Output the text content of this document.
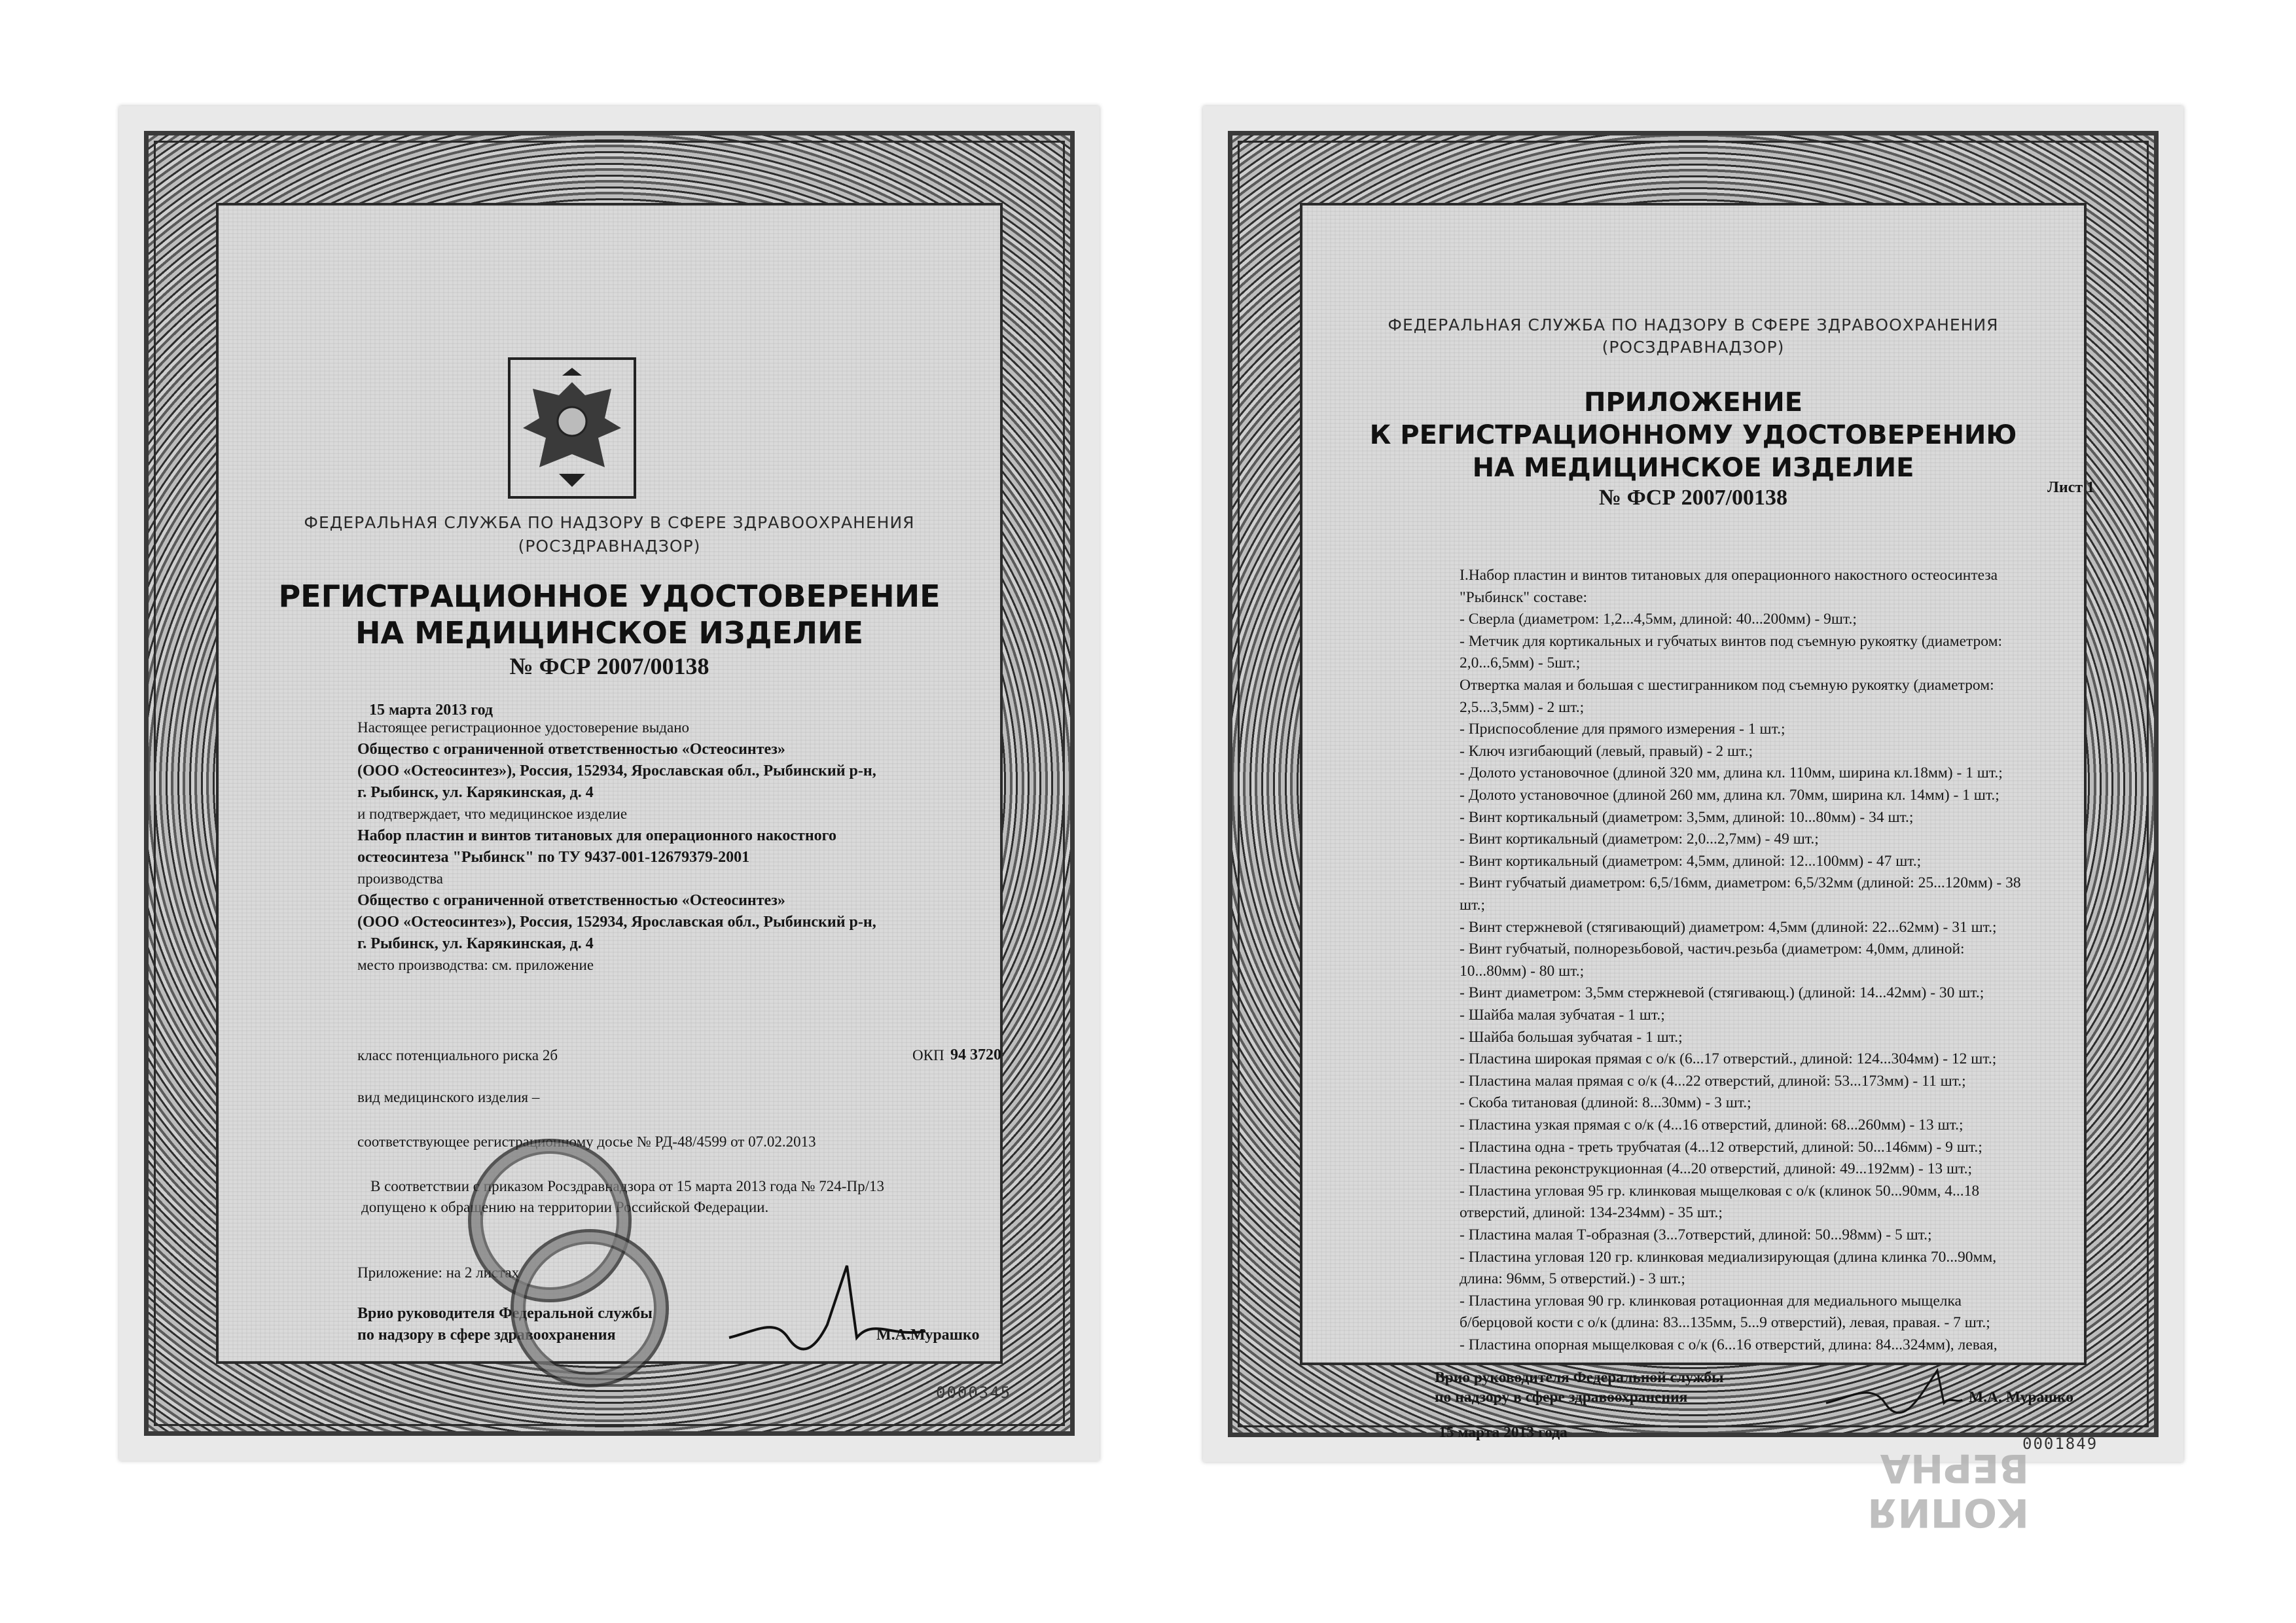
ФЕДЕРАЛЬНАЯ СЛУЖБА ПО НАДЗОРУ В СФЕРЕ ЗДРАВООХРАНЕНИЯ
(РОСЗДРАВНАДЗОР)
РЕГИСТРАЦИОННОЕ УДОСТОВЕРЕНИЕ
НА МЕДИЦИНСКОЕ ИЗДЕЛИЕ
№ ФСР 2007/00138
15 марта 2013 год
Настоящее регистрационное удостоверение выдано
Общество с ограниченной ответственностью «Остеосинтез»
(ООО «Остеосинтез»), Россия, 152934, Ярославская обл., Рыбинский р-н,
г. Рыбинск, ул. Карякинская, д. 4
и подтверждает, что медицинское изделие
Набор пластин и винтов титановых для операционного накостного
остеосинтеза "Рыбинск" по ТУ 9437-001-12679379-2001
производства
Общество с ограниченной ответственностью «Остеосинтез»
(ООО «Остеосинтез»), Россия, 152934, Ярославская обл., Рыбинский р-н,
г. Рыбинск, ул. Карякинская, д. 4
место производства: см. приложение
класс потенциального риска 2б	ОКП 94 3720
вид медицинского изделия –
соответствующее регистрационному досье № РД-48/4599 от 07.02.2013
В соответствии с приказом Росздравнадзора от 15 марта 2013 года № 724-Пр/13
допущено к обращению на территории Российской Федерации.
Приложение: на 2 листах
Врио руководителя Федеральной службы
по надзору в сфере здравоохранения	М.А.Мурашко
0000345
ФЕДЕРАЛЬНАЯ СЛУЖБА ПО НАДЗОРУ В СФЕРЕ ЗДРАВООХРАНЕНИЯ
(РОСЗДРАВНАДЗОР)
ПРИЛОЖЕНИЕ
К РЕГИСТРАЦИОННОМУ УДОСТОВЕРЕНИЮ
НА МЕДИЦИНСКОЕ ИЗДЕЛИЕ
№ ФСР 2007/00138	Лист 1
I.Набор пластин и винтов титановых для операционного накостного остеосинтеза
"Рыбинск" составе:
- Сверла (диаметром: 1,2...4,5мм, длиной: 40...200мм) - 9шт.;
- Метчик для кортикальных и губчатых винтов под съемную рукоятку (диаметром:
2,0...6,5мм) - 5шт.;
Отвертка малая и большая с шестигранником под съемную рукоятку (диаметром:
2,5...3,5мм) - 2 шт.;
- Приспособление для прямого измерения - 1 шт.;
- Ключ изгибающий (левый, правый) - 2 шт.;
- Долото установочное (длиной 320 мм, длина кл. 110мм, ширина кл.18мм) - 1 шт.;
- Долото установочное (длиной 260 мм, длина кл. 70мм, ширина кл. 14мм) - 1 шт.;
- Винт кортикальный (диаметром: 3,5мм, длиной: 10...80мм) - 34 шт.;
- Винт кортикальный (диаметром: 2,0...2,7мм) - 49 шт.;
- Винт кортикальный (диаметром: 4,5мм, длиной: 12...100мм) - 47 шт.;
- Винт губчатый диаметром: 6,5/16мм, диаметром: 6,5/32мм (длиной: 25...120мм) - 38
шт.;
- Винт стержневой (стягивающий) диаметром: 4,5мм (длиной: 22...62мм) - 31 шт.;
- Винт губчатый, полнорезьбовой, частич.резьба (диаметром: 4,0мм, длиной:
10...80мм) - 80 шт.;
- Винт диаметром: 3,5мм стержневой (стягивающ.) (длиной: 14...42мм) - 30 шт.;
- Шайба малая зубчатая - 1 шт.;
- Шайба большая зубчатая - 1 шт.;
- Пластина широкая прямая с о/к (6...17 отверстий., длиной: 124...304мм) - 12 шт.;
- Пластина малая прямая с о/к (4...22 отверстий, длиной: 53...173мм) - 11 шт.;
- Скоба титановая (длиной: 8...30мм) - 3 шт.;
- Пластина узкая прямая с о/к (4...16 отверстий, длиной: 68...260мм) - 13 шт.;
- Пластина одна - треть трубчатая (4...12 отверстий, длиной: 50...146мм) - 9 шт.;
- Пластина реконструкционная (4...20 отверстий, длиной: 49...192мм) - 13 шт.;
- Пластина угловая 95 гр. клинковая мыщелковая с о/к (клинок 50...90мм, 4...18
отверстий, длиной: 134-234мм) - 35 шт.;
- Пластина малая Т-образная (3...7отверстий, длиной: 50...98мм) - 5 шт.;
- Пластина угловая 120 гр. клинковая медиализирующая (длина клинка 70...90мм,
длина: 96мм, 5 отверстий.) - 3 шт.;
- Пластина угловая 90 гр. клинковая ротационная для медиального мыщелка
б/берцовой кости с о/к (длина: 83...135мм, 5...9 отверстий), левая, правая. - 7 шт.;
- Пластина опорная мыщелковая с о/к (6...16 отверстий, длина: 84...324мм), левая,
Врио руководителя Федеральной службы
по надзору в сфере здравоохранения	М.А. Мурашко
15 марта 2013 года
0001849
КОПИЯ
ВЕРНА
